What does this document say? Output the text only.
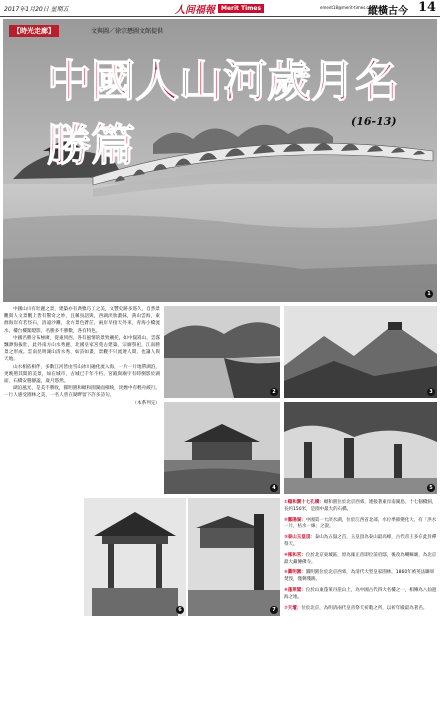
2017年1月20日 星期五	人间福報	Merit Times	ement18@merit-times.com.tw
縱橫古今 14
【時光走廊】	文與圖／徐宗懋圖文館提供
中國人山河歲月名勝篇	(16-13)
1

中國山川有壯麗之景，建築亦有典雅巧工之美，文豐史跡多悠久，自然景觀與人文景觀上皆有驚奇之妙，且稱鳥語與，西湖淡妝濃抹，黃山雲海，東源海岸有若怪石，清遠沙灘，北方景色蒼茫，兩岸早接天外來，青海小橋流水，樓台樓閣燈影，名勝多不勝數，各有特色。

中國名勝分布極廣，從東到西，各有風情的景致襯托，如中嶽嵩山，雲霧飄渺海拔壯，此外南方山水秀麗，北國皇家宮苑古建築，宗廟祭祀，江南勝景之形成。雲南昆明湖山清水秀，如詩如畫，景觀不只流連人間，也讓人與天地。

山水相依相伴，多數江河皆由雪山冰川融化流入海，一片一片地帶湖泊，更映照其間的美景，如在城市，古城已千年不朽，宮殿與廟宇有時倒影於湖面，石橋安穩靜謐，歲月悠然。

湖泊風光，是美不勝收，圓明園和頤和園湖面相映，淡煙中有輕舟緩行。一行人感受園林之美，一名人曾在湖畔留下許多詩句。

（本系列完）

2	3
4	5
6	7
①頤和園十七孔橋：頤和園位於北京西郊，連接著東岸南湖島，十七個橋洞，長約150米，是園中最大的石橋。
②鄱陽湖：中國第一大淡水湖，位於江西省北部，水位季節變化大，有「洪水一片，枯水一線」之說。
③泰山玉皇頂：泰山為五嶽之首，玉皇頂為泰山最高峰，古代帝王多在此封禪祭天。
④雍和宮：位於北京東城區，原為雍正帝即位前府邸，後改為喇嘛廟，為北京最大藏傳佛寺。
⑤圓明園：圓明園位於北京西郊，為清代大型皇家園林，1860年被英法聯軍焚毀，僅剩殘跡。
⑥蓬萊閣：位於山東蓬萊丹崖山上，為中國古代四大名樓之一，相傳為八仙過海之地。
⑦天壇：位於北京，為明清兩代皇帝祭天祈穀之所，以祈年殿最為著名。
